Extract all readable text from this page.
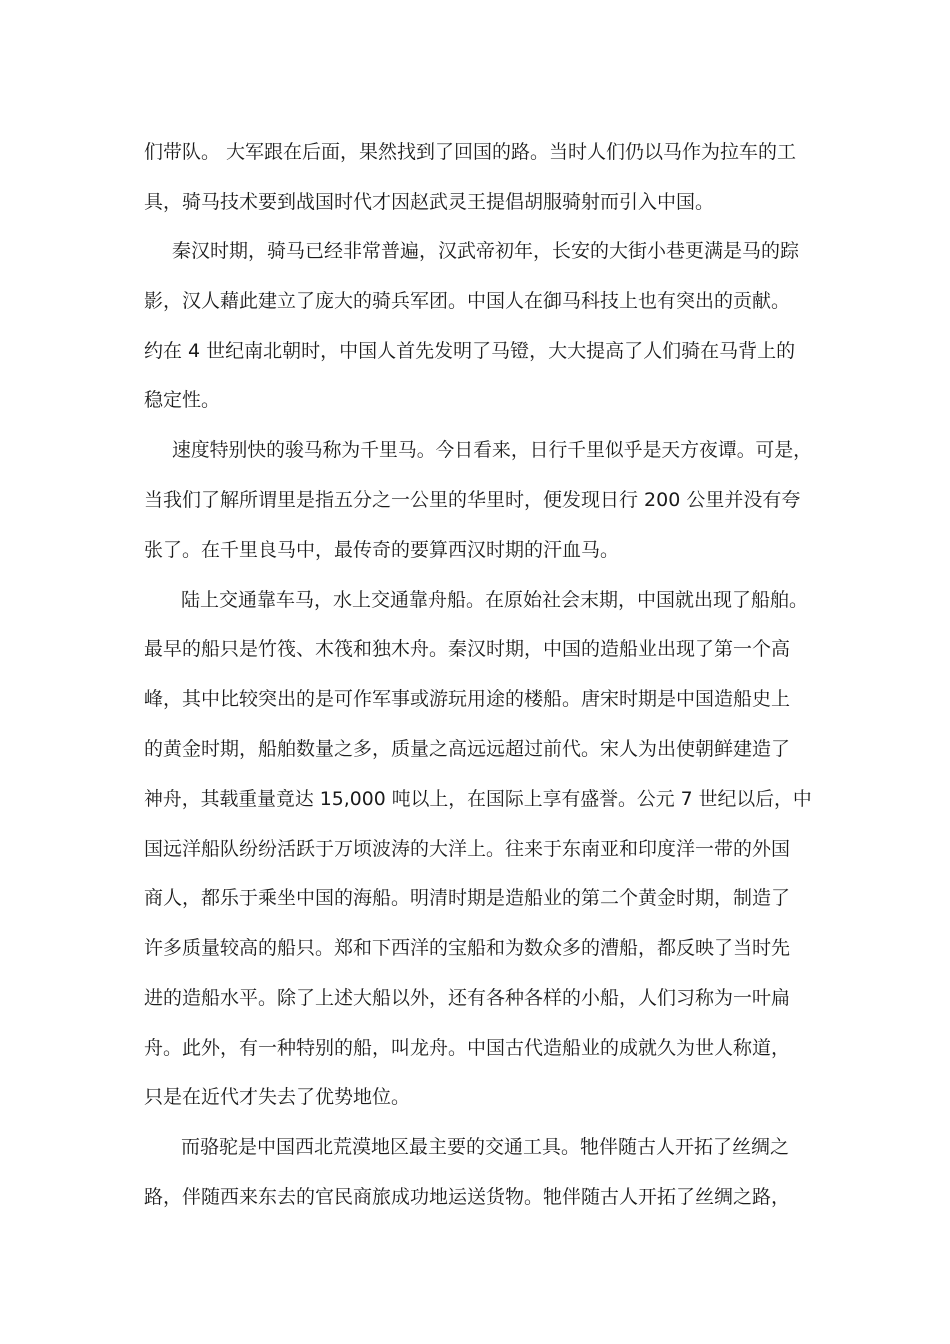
们带队。 大军跟在后面，果然找到了回国的路。当时人们仍以马作为拉车的工

具，骑马技术要到战国时代才因赵武灵王提倡胡服骑射而引入中国。

秦汉时期，骑马已经非常普遍，汉武帝初年，长安的大街小巷更满是马的踪

影，汉人藉此建立了庞大的骑兵军团。中国人在御马科技上也有突出的贡献。

约在 4 世纪南北朝时，中国人首先发明了马镫，大大提高了人们骑在马背上的

稳定性。

速度特别快的骏马称为千里马。今日看来，日行千里似乎是天方夜谭。可是，

当我们了解所谓里是指五分之一公里的华里时，便发现日行 200 公里并没有夸

张了。在千里良马中，最传奇的要算西汉时期的汗血马。

陆上交通靠车马，水上交通靠舟船。在原始社会末期，中国就出现了船舶。

最早的船只是竹筏、木筏和独木舟。秦汉时期，中国的造船业出现了第一个高

峰，其中比较突出的是可作军事或游玩用途的楼船。唐宋时期是中国造船史上

的黄金时期，船舶数量之多，质量之高远远超过前代。宋人为出使朝鲜建造了

神舟，其载重量竟达 15,000 吨以上，在国际上享有盛誉。公元 7 世纪以后，中

国远洋船队纷纷活跃于万顷波涛的大洋上。往来于东南亚和印度洋一带的外国

商人，都乐于乘坐中国的海船。明清时期是造船业的第二个黄金时期，制造了

许多质量较高的船只。郑和下西洋的宝船和为数众多的漕船，都反映了当时先

进的造船水平。除了上述大船以外，还有各种各样的小船，人们习称为一叶扁

舟。此外，有一种特别的船，叫龙舟。中国古代造船业的成就久为世人称道，

只是在近代才失去了优势地位。

而骆驼是中国西北荒漠地区最主要的交通工具。牠伴随古人开拓了丝绸之

路，伴随西来东去的官民商旅成功地运送货物。牠伴随古人开拓了丝绸之路，
